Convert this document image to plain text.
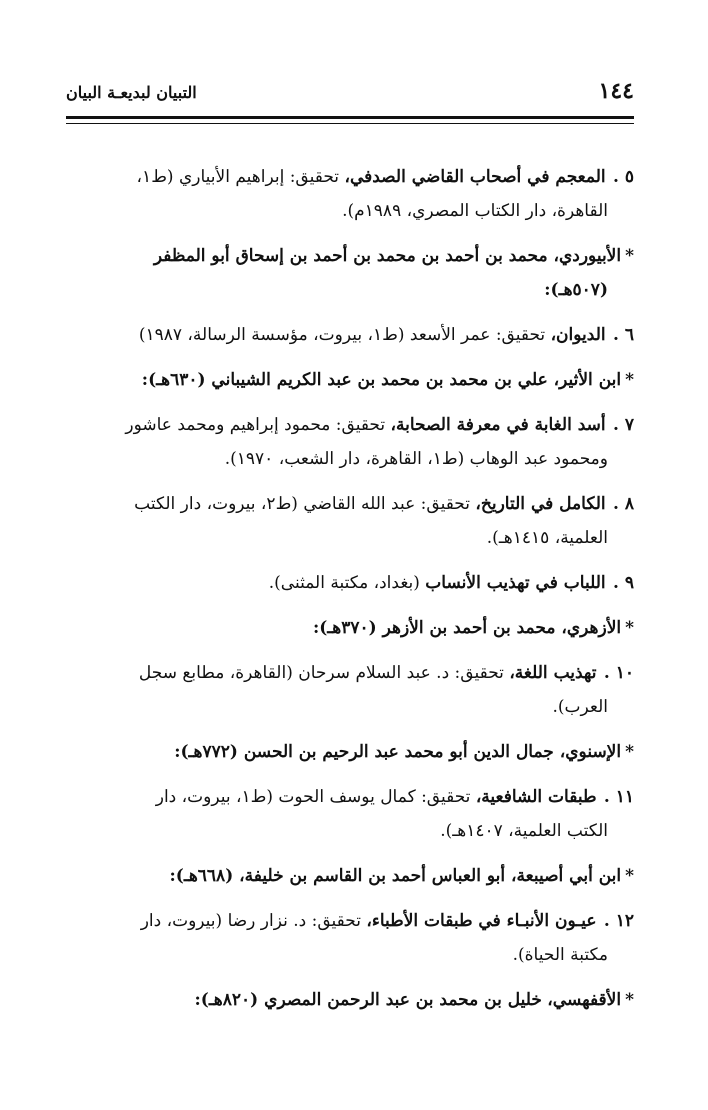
١٤٤
التبيان لبديعـة البيان

٥ . المعجم في أصحاب القاضي الصدفي، تحقيق: إبراهيم الأبياري (ط١،
القاهرة، دار الكتاب المصري، ١٩٨٩م).

*الأبيوردي، محمد بن أحمد بن محمد بن أحمد بن إسحاق أبو المظفر
(٥٠٧هـ):

٦ . الديوان، تحقيق: عمر الأسعد (ط١، بيروت، مؤسسة الرسالة، ١٩٨٧)

*ابن الأثير، علي بن محمد بن محمد بن عبد الكريم الشيباني (٦٣٠هـ):

٧ . أسد الغابة في معرفة الصحابة، تحقيق: محمود إبراهيم ومحمد عاشور
ومحمود عبد الوهاب (ط١، القاهرة، دار الشعب، ١٩٧٠).

٨ . الكامل في التاريخ، تحقيق: عبد الله القاضي (ط٢، بيروت، دار الكتب
العلمية، ١٤١٥هـ).

٩ . اللباب في تهذيب الأنساب (بغداد، مكتبة المثنى).

*الأزهري، محمد بن أحمد بن الأزهر (٣٧٠هـ):

١٠ . تهذيب اللغة، تحقيق: د. عبد السلام سرحان (القاهرة، مطابع سجل
العرب).

*الإسنوي، جمال الدين أبو محمد عبد الرحيم بن الحسن (٧٧٢هـ):

١١ . طبقات الشافعية، تحقيق: كمال يوسف الحوت (ط١، بيروت، دار
الكتب العلمية، ١٤٠٧هـ).

*ابن أبي أصيبعة، أبو العباس أحمد بن القاسم بن خليفة، (٦٦٨هـ):

١٢ . عيـون الأنبـاء في طبقات الأطباء، تحقيق: د. نزار رضا (بيروت، دار
مكتبة الحياة).

*الأقفهسي، خليل بن محمد بن عبد الرحمن المصري (٨٢٠هـ):
